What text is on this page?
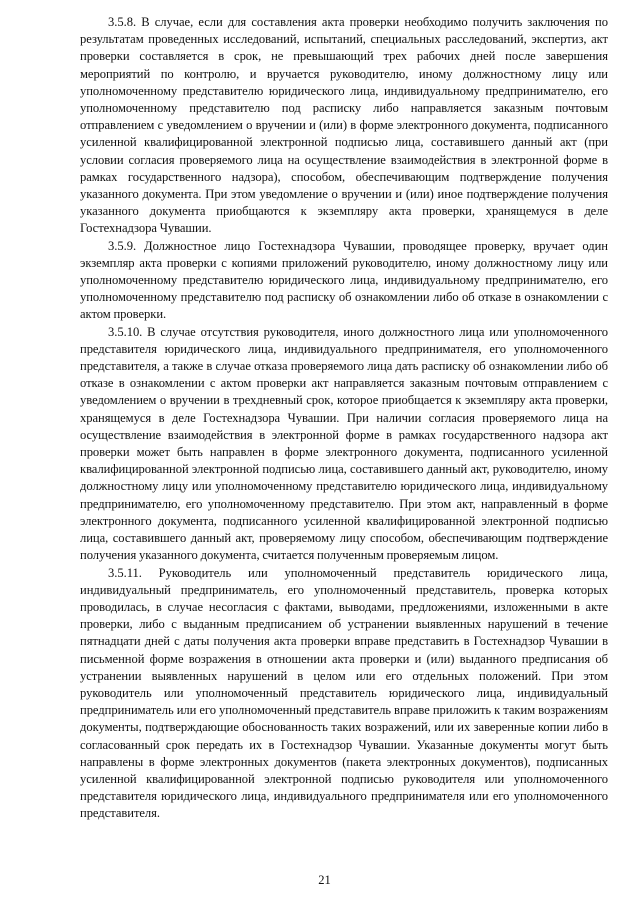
3.5.8. В случае, если для составления акта проверки необходимо получить заключения по результатам проведенных исследований, испытаний, специальных расследований, экспертиз, акт проверки составляется в срок, не превышающий трех рабочих дней после завершения мероприятий по контролю, и вручается руководителю, иному должностному лицу или уполномоченному представителю юридического лица, индивидуальному предпринимателю, его уполномоченному представителю под расписку либо направляется заказным почтовым отправлением с уведомлением о вручении и (или) в форме электронного документа, подписанного усиленной квалифицированной электронной подписью лица, составившего данный акт (при условии согласия проверяемого лица на осуществление взаимодействия в электронной форме в рамках государственного надзора), способом, обеспечивающим подтверждение получения указанного документа. При этом уведомление о вручении и (или) иное подтверждение получения указанного документа приобщаются к экземпляру акта проверки, хранящемуся в деле Гостехнадзора Чувашии.

3.5.9. Должностное лицо Гостехнадзора Чувашии, проводящее проверку, вручает один экземпляр акта проверки с копиями приложений руководителю, иному должностному лицу или уполномоченному представителю юридического лица, индивидуальному предпринимателю, его уполномоченному представителю под расписку об ознакомлении либо об отказе в ознакомлении с актом проверки.

3.5.10. В случае отсутствия руководителя, иного должностного лица или уполномоченного представителя юридического лица, индивидуального предпринимателя, его уполномоченного представителя, а также в случае отказа проверяемого лица дать расписку об ознакомлении либо об отказе в ознакомлении с актом проверки акт направляется заказным почтовым отправлением с уведомлением о вручении в трехдневный срок, которое приобщается к экземпляру акта проверки, хранящемуся в деле Гостехнадзора Чувашии. При наличии согласия проверяемого лица на осуществление взаимодействия в электронной форме в рамках государственного надзора акт проверки может быть направлен в форме электронного документа, подписанного усиленной квалифицированной электронной подписью лица, составившего данный акт, руководителю, иному должностному лицу или уполномоченному представителю юридического лица, индивидуальному предпринимателю, его уполномоченному представителю. При этом акт, направленный в форме электронного документа, подписанного усиленной квалифицированной электронной подписью лица, составившего данный акт, проверяемому лицу способом, обеспечивающим подтверждение получения указанного документа, считается полученным проверяемым лицом.

3.5.11. Руководитель или уполномоченный представитель юридического лица, индивидуальный предприниматель, его уполномоченный представитель, проверка которых проводилась, в случае несогласия с фактами, выводами, предложениями, изложенными в акте проверки, либо с выданным предписанием об устранении выявленных нарушений в течение пятнадцати дней с даты получения акта проверки вправе представить в Гостехнадзор Чувашии в письменной форме возражения в отношении акта проверки и (или) выданного предписания об устранении выявленных нарушений в целом или его отдельных положений. При этом руководитель или уполномоченный представитель юридического лица, индивидуальный предприниматель или его уполномоченный представитель вправе приложить к таким возражениям документы, подтверждающие обоснованность таких возражений, или их заверенные копии либо в согласованный срок передать их в Гостехнадзор Чувашии. Указанные документы могут быть направлены в форме электронных документов (пакета электронных документов), подписанных усиленной квалифицированной электронной подписью руководителя или уполномоченного представителя юридического лица, индивидуального предпринимателя или его уполномоченного представителя.

21
